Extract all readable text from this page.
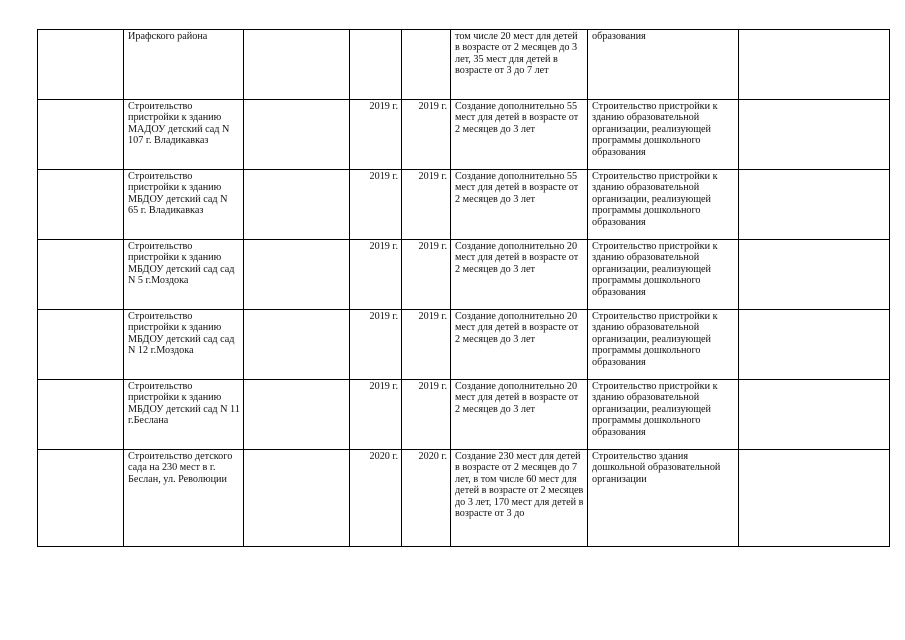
	Ирафского района				том числе 20 мест для детей в возрасте от 2 месяцев до 3 лет, 35 мест для детей в возрасте от 3 до 7 лет	образования	
	Строительство пристройки к зданию МАДОУ детский сад N 107 г. Владикавказ		2019 г.	2019 г.	Создание дополнительно 55 мест для детей в возрасте от 2 месяцев до 3 лет	Строительство пристройки к зданию образовательной организации, реализующей программы дошкольного образования	
	Строительство пристройки к зданию МБДОУ детский сад N 65 г. Владикавказ		2019 г.	2019 г.	Создание дополнительно 55 мест для детей в возрасте от 2 месяцев до 3 лет	Строительство пристройки к зданию образовательной организации, реализующей программы дошкольного образования	
	Строительство пристройки к зданию МБДОУ детский сад сад N 5 г.Моздока		2019 г.	2019 г.	Создание дополнительно 20 мест для детей в возрасте от 2 месяцев до 3 лет	Строительство пристройки к зданию образовательной организации, реализующей программы дошкольного образования	
	Строительство пристройки к зданию МБДОУ детский сад сад N 12 г.Моздока		2019 г.	2019 г.	Создание дополнительно 20 мест для детей в возрасте от 2 месяцев до 3 лет	Строительство пристройки к зданию образовательной организации, реализующей программы дошкольного образования	
	Строительство пристройки к зданию МБДОУ детский сад N 11 г.Беслана		2019 г.	2019 г.	Создание дополнительно 20 мест для детей в возрасте от 2 месяцев до 3 лет	Строительство пристройки к зданию образовательной организации, реализующей программы дошкольного образования	
	Строительство детского сада на 230 мест в г. Беслан, ул. Революции		2020 г.	2020 г.	Создание 230 мест для детей в возрасте от 2 месяцев до 7 лет, в том числе 60 мест для детей в возрасте от 2 месяцев до 3 лет, 170 мест для детей в возрасте от 3 до	Строительство здания дошкольной образовательной организации	
